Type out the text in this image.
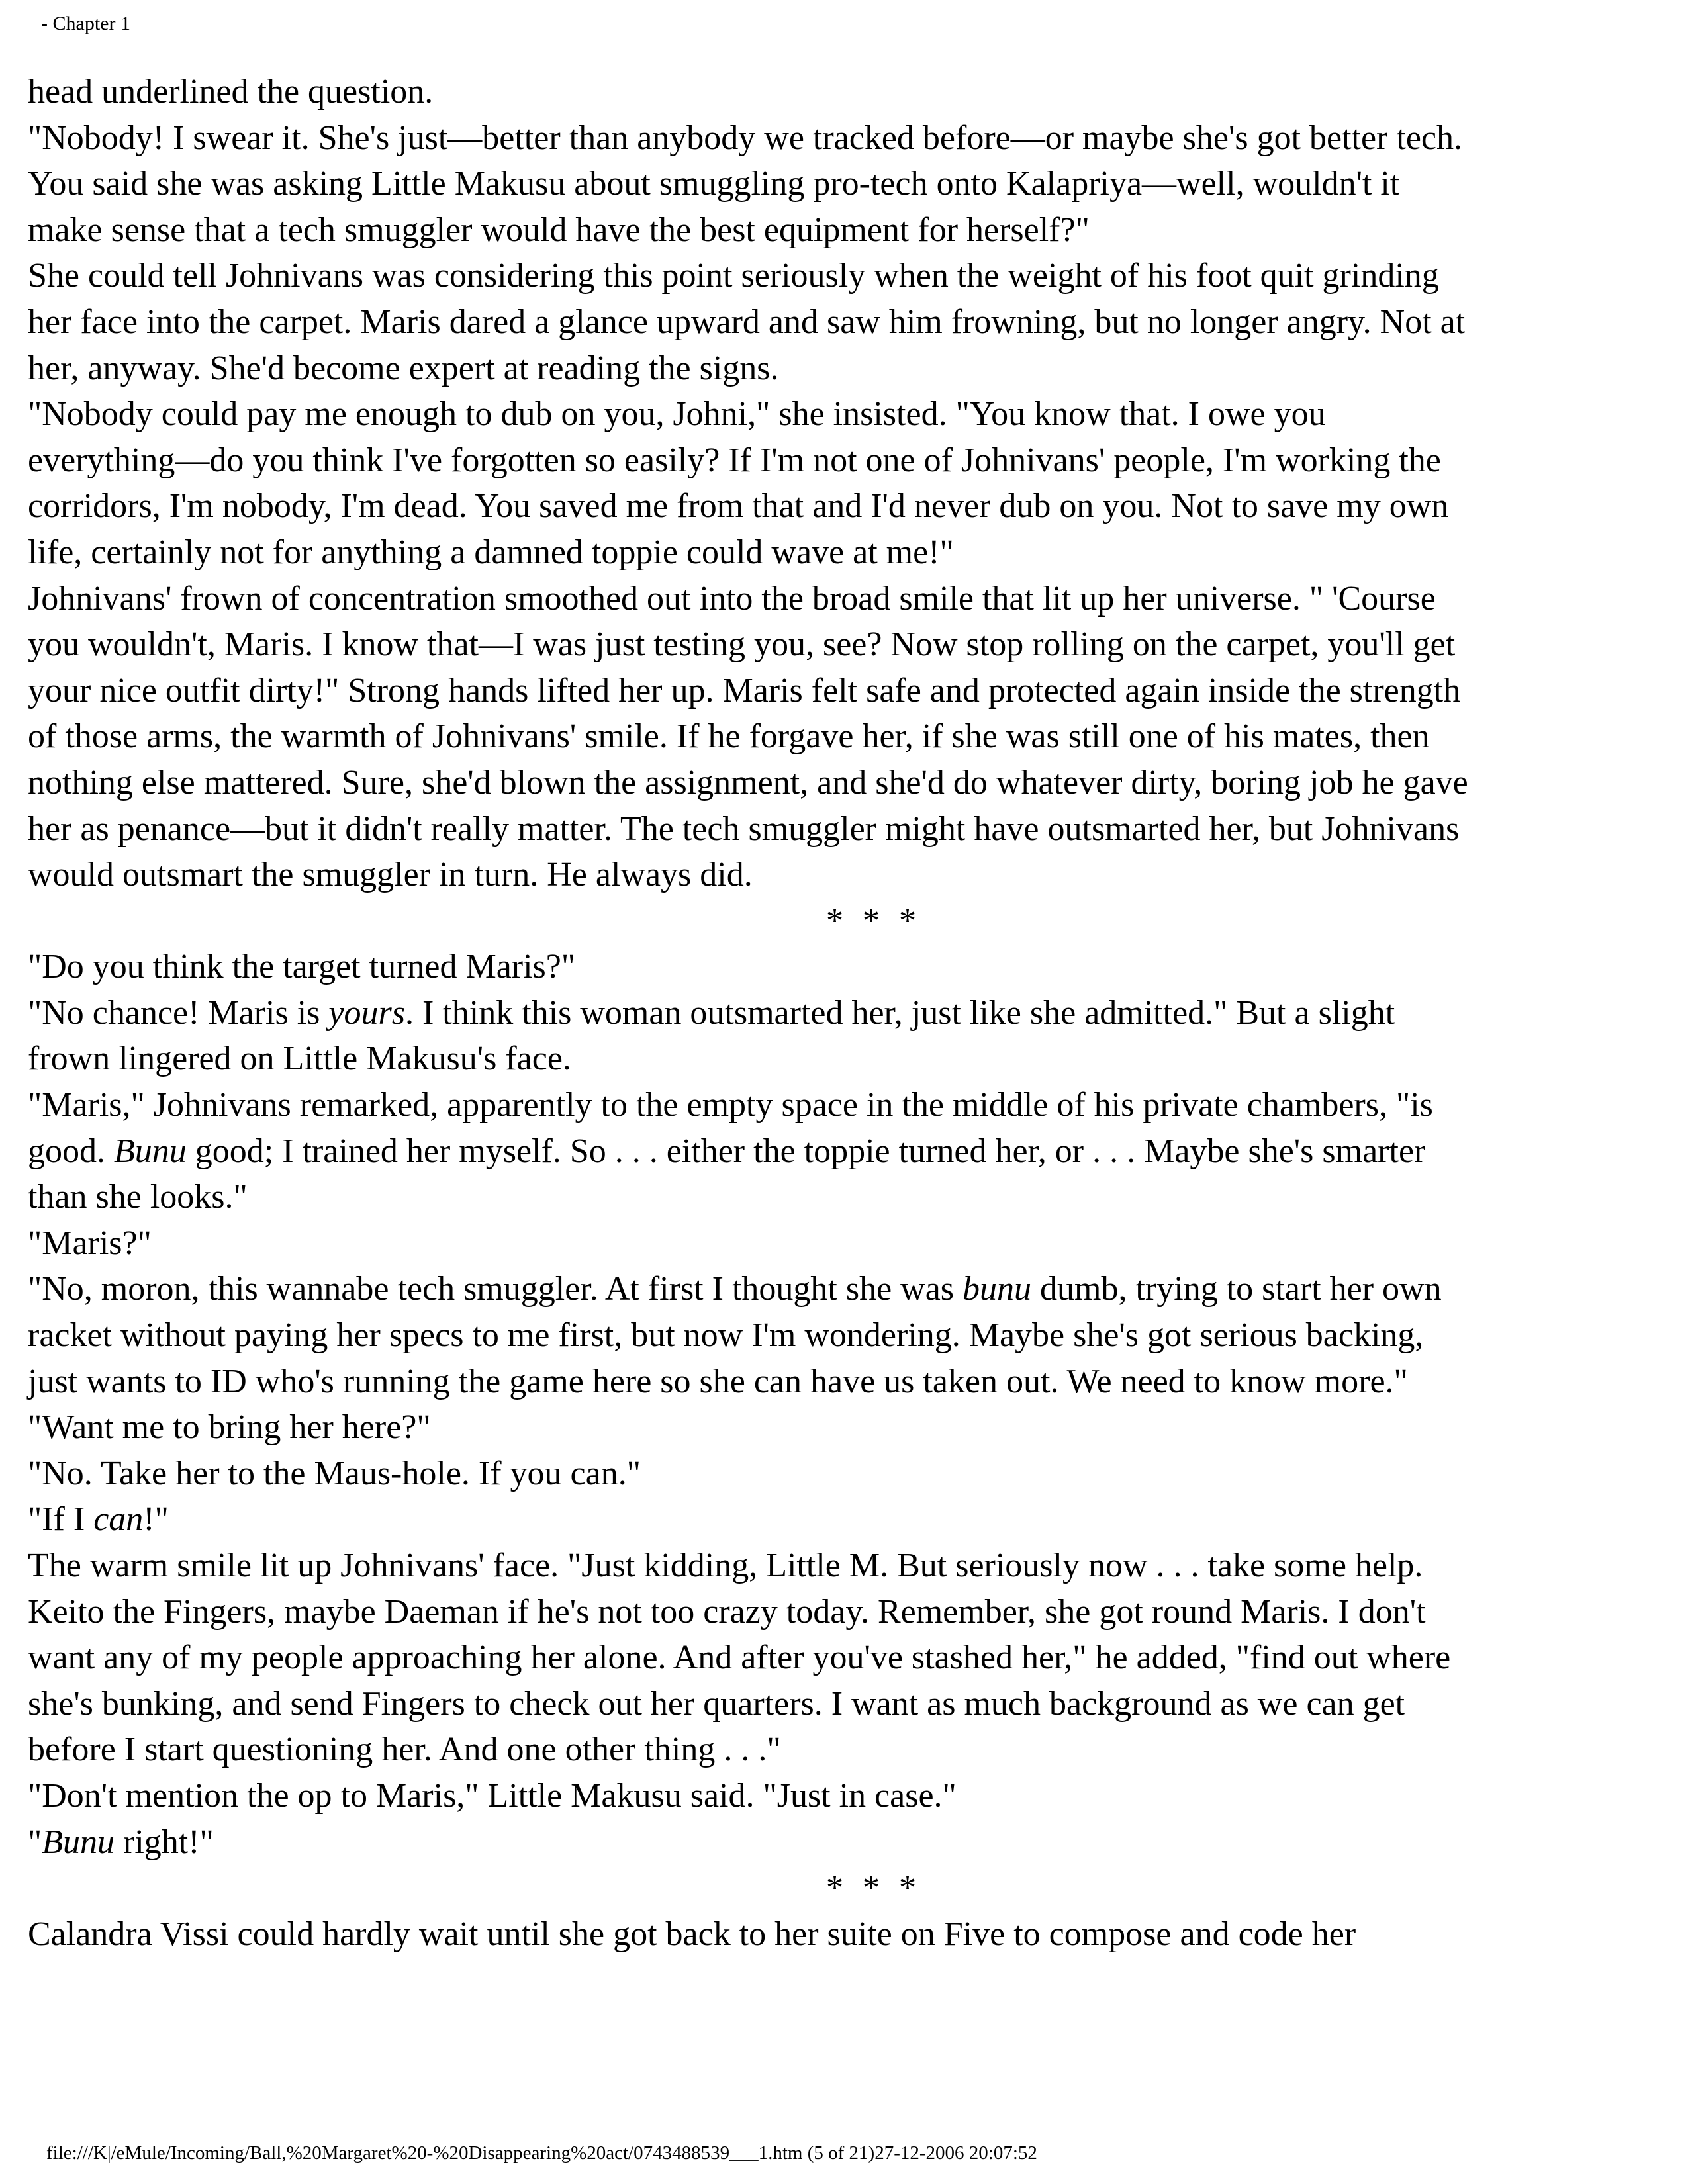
- Chapter 1
head underlined the question.
"Nobody! I swear it. She's just—better than anybody we tracked before—or maybe she's got better tech.
You said she was asking Little Makusu about smuggling pro-tech onto Kalapriya—well, wouldn't it
make sense that a tech smuggler would have the best equipment for herself?"
She could tell Johnivans was considering this point seriously when the weight of his foot quit grinding
her face into the carpet. Maris dared a glance upward and saw him frowning, but no longer angry. Not at
her, anyway. She'd become expert at reading the signs.
"Nobody could pay me enough to dub on you, Johni," she insisted. "You know that. I owe you
everything—do you think I've forgotten so easily? If I'm not one of Johnivans' people, I'm working the
corridors, I'm nobody, I'm dead. You saved me from that and I'd never dub on you. Not to save my own
life, certainly not for anything a damned toppie could wave at me!"
Johnivans' frown of concentration smoothed out into the broad smile that lit up her universe. " 'Course
you wouldn't, Maris. I know that—I was just testing you, see? Now stop rolling on the carpet, you'll get
your nice outfit dirty!" Strong hands lifted her up. Maris felt safe and protected again inside the strength
of those arms, the warmth of Johnivans' smile. If he forgave her, if she was still one of his mates, then
nothing else mattered. Sure, she'd blown the assignment, and she'd do whatever dirty, boring job he gave
her as penance—but it didn't really matter. The tech smuggler might have outsmarted her, but Johnivans
would outsmart the smuggler in turn. He always did.
* * *
"Do you think the target turned Maris?"
"No chance! Maris is yours. I think this woman outsmarted her, just like she admitted." But a slight
frown lingered on Little Makusu's face.
"Maris," Johnivans remarked, apparently to the empty space in the middle of his private chambers, "is
good. Bunu good; I trained her myself. So . . . either the toppie turned her, or . . . Maybe she's smarter
than she looks."
"Maris?"
"No, moron, this wannabe tech smuggler. At first I thought she was bunu dumb, trying to start her own
racket without paying her specs to me first, but now I'm wondering. Maybe she's got serious backing,
just wants to ID who's running the game here so she can have us taken out. We need to know more."
"Want me to bring her here?"
"No. Take her to the Maus-hole. If you can."
"If I can!"
The warm smile lit up Johnivans' face. "Just kidding, Little M. But seriously now . . . take some help.
Keito the Fingers, maybe Daeman if he's not too crazy today. Remember, she got round Maris. I don't
want any of my people approaching her alone. And after you've stashed her," he added, "find out where
she's bunking, and send Fingers to check out her quarters. I want as much background as we can get
before I start questioning her. And one other thing . . ."
"Don't mention the op to Maris," Little Makusu said. "Just in case."
"Bunu right!"
* * *
Calandra Vissi could hardly wait until she got back to her suite on Five to compose and code her
file:///K|/eMule/Incoming/Ball,%20Margaret%20-%20Disappearing%20act/0743488539___1.htm (5 of 21)27-12-2006 20:07:52
